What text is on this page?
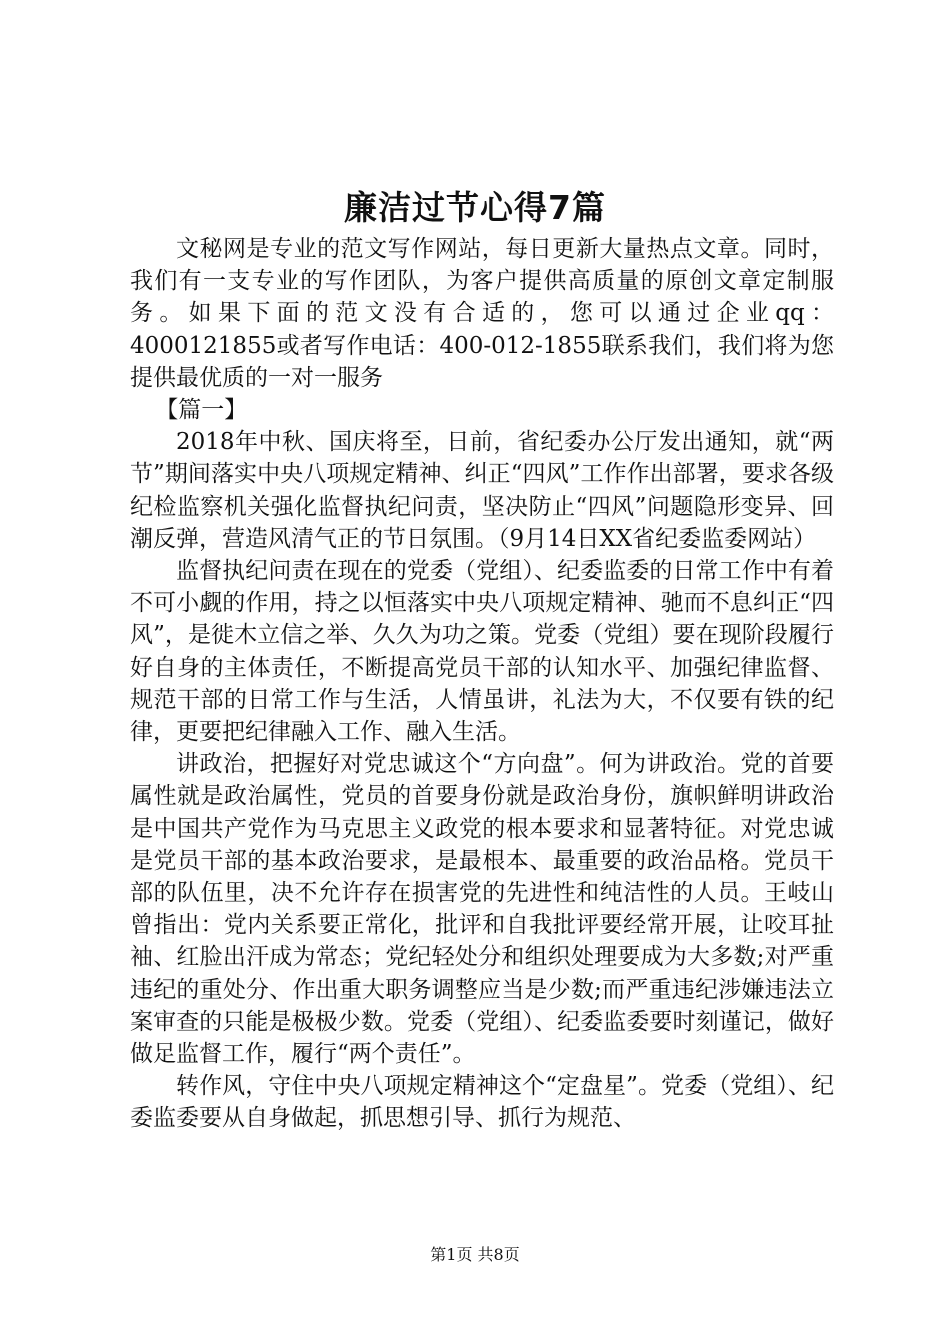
廉洁过节心得7篇

文秘网是专业的范文写作网站，每日更新大量热点文章。同时，我们有一支专业的写作团队，为客户提供高质量的原创文章定制服务。如果下面的范文没有合适的，您可以通过企业qq：4000121855或者写作电话：400-012-1855联系我们，我们将为您提供最优质的一对一服务

【篇一】

2018年中秋、国庆将至，日前，省纪委办公厅发出通知，就“两节”期间落实中央八项规定精神、纠正“四风”工作作出部署，要求各级纪检监察机关强化监督执纪问责，坚决防止“四风”问题隐形变异、回潮反弹，营造风清气正的节日氛围。（9月14日XX省纪委监委网站）

监督执纪问责在现在的党委（党组）、纪委监委的日常工作中有着不可小觑的作用，持之以恒落实中央八项规定精神、驰而不息纠正“四风”，是徙木立信之举、久久为功之策。党委（党组）要在现阶段履行好自身的主体责任，不断提高党员干部的认知水平、加强纪律监督、规范干部的日常工作与生活，人情虽讲，礼法为大，不仅要有铁的纪律，更要把纪律融入工作、融入生活。

讲政治，把握好对党忠诚这个“方向盘”。何为讲政治。党的首要属性就是政治属性，党员的首要身份就是政治身份，旗帜鲜明讲政治是中国共产党作为马克思主义政党的根本要求和显著特征。对党忠诚是党员干部的基本政治要求，是最根本、最重要的政治品格。党员干部的队伍里，决不允许存在损害党的先进性和纯洁性的人员。王岐山曾指出：党内关系要正常化，批评和自我批评要经常开展，让咬耳扯袖、红脸出汗成为常态；党纪轻处分和组织处理要成为大多数;对严重违纪的重处分、作出重大职务调整应当是少数;而严重违纪涉嫌违法立案审查的只能是极极少数。党委（党组）、纪委监委要时刻谨记，做好做足监督工作，履行“两个责任”。

转作风，守住中央八项规定精神这个“定盘星”。党委（党组）、纪委监委要从自身做起，抓思想引导、抓行为规范、

第1页 共8页
